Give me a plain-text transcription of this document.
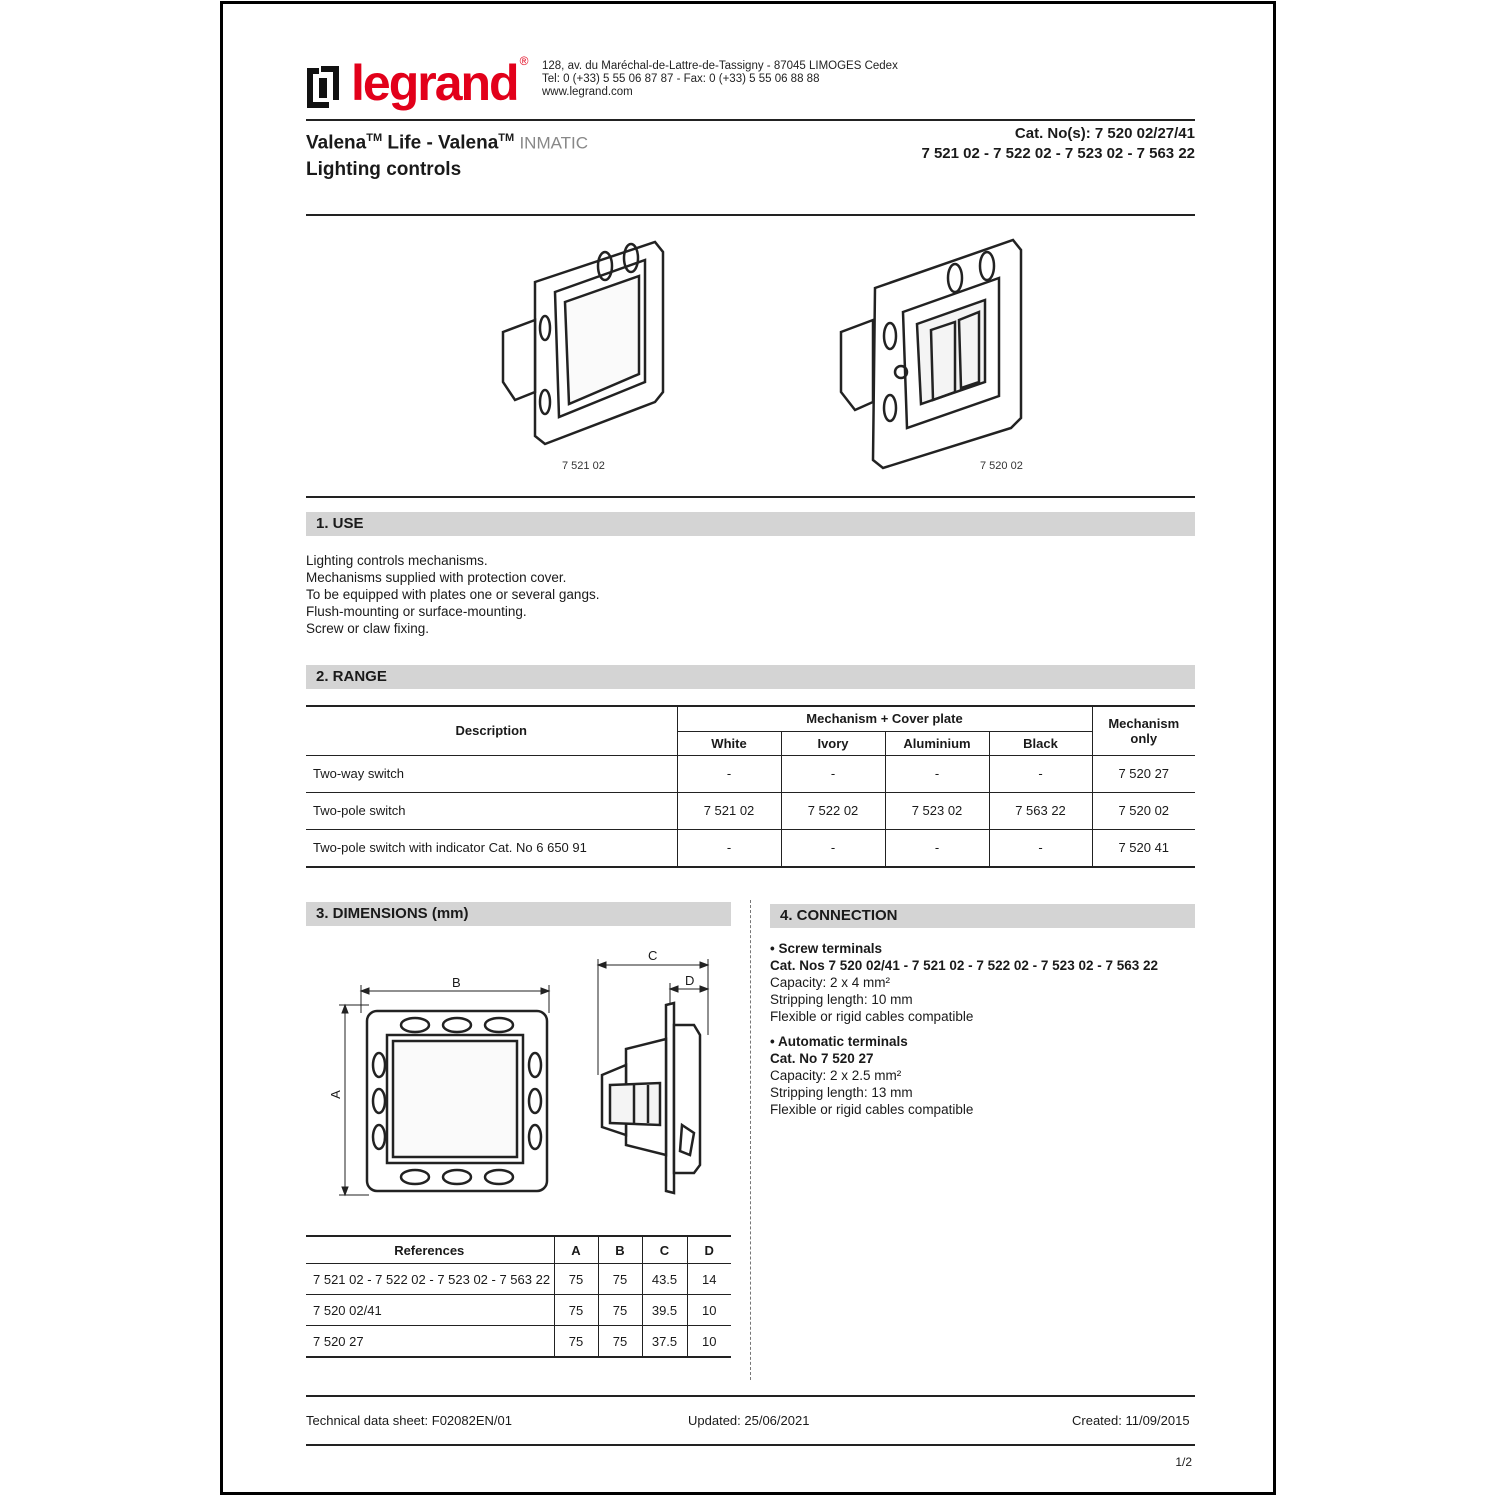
legrand ® 128, av. du Maréchal-de-Lattre-de-Tassigny - 87045 LIMOGES Cedex
Tel: 0 (+33) 5 55 06 87 87 - Fax: 0 (+33) 5 55 06 88 88
www.legrand.com
Valena™ Life - Valena™ INMATIC
Lighting controls
Cat. No(s): 7 520 02/27/41
7 521 02 - 7 522 02 - 7 523 02 - 7 563 22
7 521 02	7 520 02
1. USE
Lighting controls mechanisms.
Mechanisms supplied with protection cover.
To be equipped with plates one or several gangs.
Flush-mounting or surface-mounting.
Screw or claw fixing.
2. RANGE
Description	Mechanism + Cover plate				Mechanism only
	White	Ivory	Aluminium	Black	
Two-way switch	-	-	-	-	7 520 27
Two-pole switch	7 521 02	7 522 02	7 523 02	7 563 22	7 520 02
Two-pole switch with indicator Cat. No 6 650 91	-	-	-	-	7 520 41
3. DIMENSIONS (mm)
B
A
C
D
References	A	B	C	D
7 521 02 - 7 522 02 - 7 523 02 - 7 563 22	75	75	43.5	14
7 520 02/41	75	75	39.5	10
7 520 27	75	75	37.5	10
4. CONNECTION
• Screw terminals
Cat. Nos 7 520 02/41 - 7 521 02 - 7 522 02 - 7 523 02 - 7 563 22
Capacity: 2 x 4 mm²
Stripping length: 10 mm
Flexible or rigid cables compatible
• Automatic terminals
Cat. No 7 520 27
Capacity: 2 x 2.5 mm²
Stripping length: 13 mm
Flexible or rigid cables compatible
Technical data sheet: F02082EN/01	Updated: 25/06/2021	Created: 11/09/2015
1/2
